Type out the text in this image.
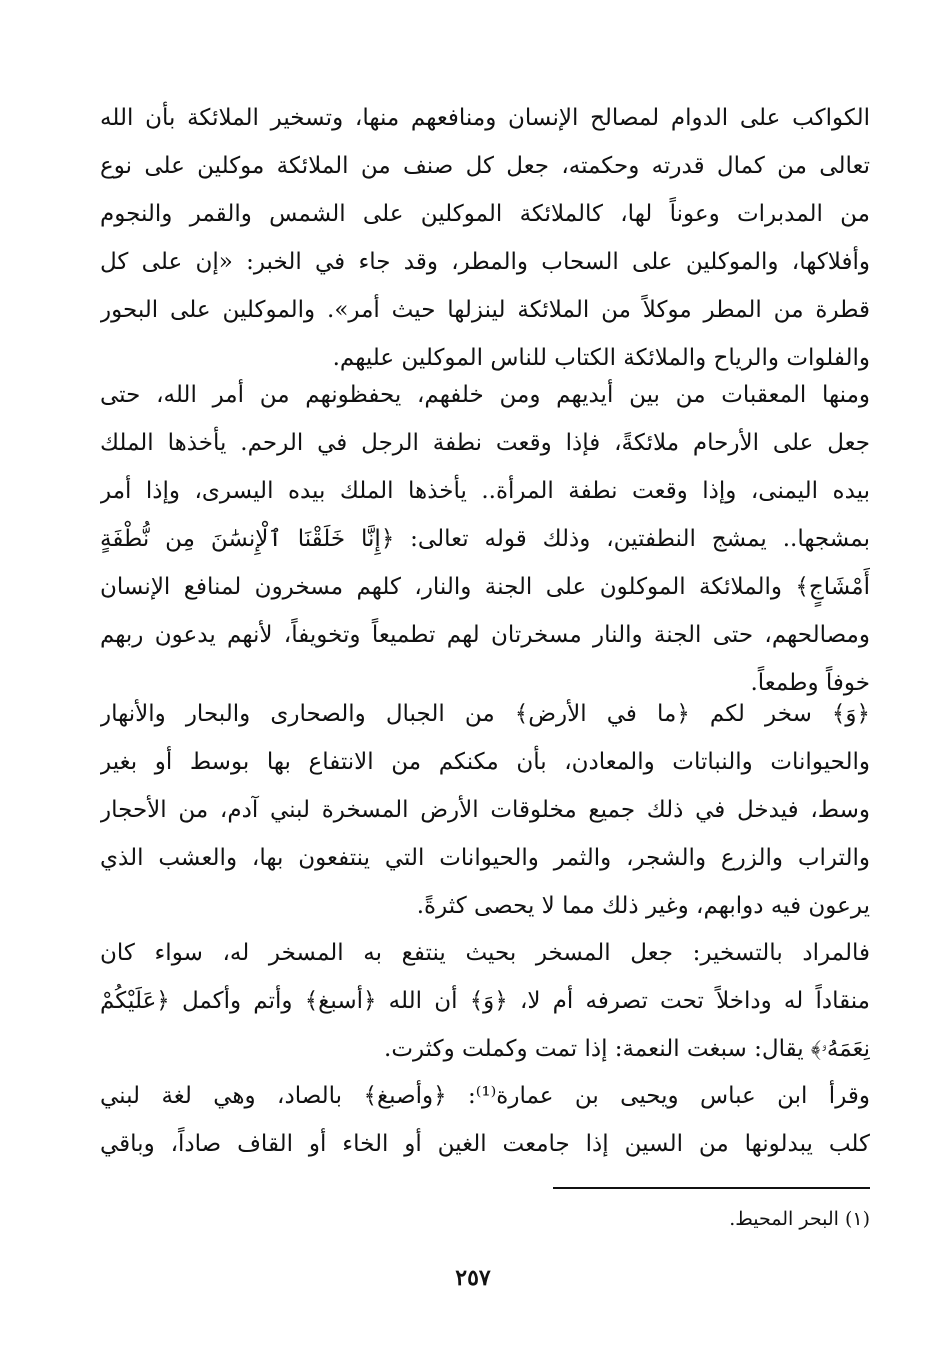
الكواكب على الدوام لمصالح الإنسان ومنافعهم منها، وتسخير الملائكة بأن الله
تعالى من كمال قدرته وحكمته، جعل كل صنف من الملائكة موكلين على نوع
من المدبرات وعوناً لها، كالملائكة الموكلين على الشمس والقمر والنجوم
وأفلاكها، والموكلين على السحاب والمطر، وقد جاء في الخبر: «إن على كل
قطرة من المطر موكلاً من الملائكة لينزلها حيث أمر». والموكلين على البحور
والفلوات والرياح والملائكة الكتاب للناس الموكلين عليهم.
ومنها المعقبات من بين أيديهم ومن خلفهم، يحفظونهم من أمر الله، حتى
جعل على الأرحام ملائكةً، فإذا وقعت نطفة الرجل في الرحم. يأخذها الملك
بيده اليمنى، وإذا وقعت نطفة المرأة.. يأخذها الملك بيده اليسرى، وإذا أمر
بمشجها.. يمشج النطفتين، وذلك قوله تعالى: ﴿إِنَّا خَلَقْنَا ٱلْإِنسَٰنَ مِن نُّطْفَةٍ
أَمْشَاجٍ﴾ والملائكة الموكلون على الجنة والنار، كلهم مسخرون لمنافع الإنسان
ومصالحهم، حتى الجنة والنار مسخرتان لهم تطميعاً وتخويفاً، لأنهم يدعون ربهم
خوفاً وطمعاً.
﴿وَ﴾ سخر لكم ﴿ما في الأرض﴾ من الجبال والصحارى والبحار والأنهار
والحيوانات والنباتات والمعادن، بأن مكنكم من الانتفاع بها بوسط أو بغير
وسط، فيدخل في ذلك جميع مخلوقات الأرض المسخرة لبني آدم، من الأحجار
والتراب والزرع والشجر، والثمر والحيوانات التي ينتفعون بها، والعشب الذي
يرعون فيه دوابهم، وغير ذلك مما لا يحصى كثرةً.
فالمراد بالتسخير: جعل المسخر بحيث ينتفع به المسخر له، سواء كان
منقاداً له وداخلاً تحت تصرفه أم لا، ﴿وَ﴾ أن الله ﴿أسبغ﴾ وأتم وأكمل ﴿عَلَيْكُمْ
نِعَمَهُۥ﴾ يقال: سبغت النعمة: إذا تمت وكملت وكثرت.
وقرأ ابن عباس ويحيى بن عمارة⁽¹⁾: ﴿وأصبغ﴾ بالصاد، وهي لغة لبني
كلب يبدلونها من السين إذا جامعت الغين أو الخاء أو القاف صاداً، وباقي
(١) البحر المحيط.
٢٥٧
